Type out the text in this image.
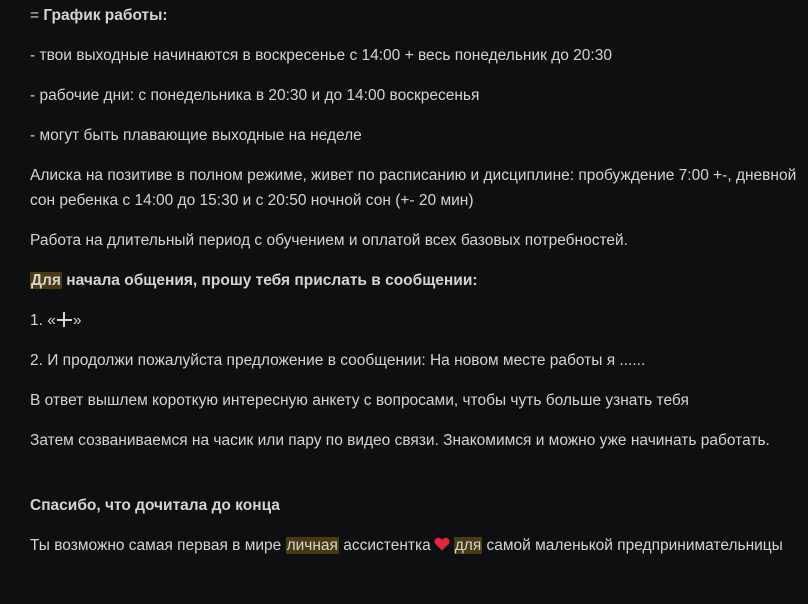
= График работы:

- твои выходные начинаются в воскресенье с 14:00 + весь понедельник до 20:30

- рабочие дни: с понедельника в 20:30 и до 14:00 воскресенья

- могут быть плавающие выходные на неделе

Алиска на позитиве в полном режиме, живет по расписанию и дисциплине: пробуждение 7:00 +-, дневной сон ребенка с 14:00 до 15:30 и с 20:50 ночной сон (+- 20 мин)

Работа на длительный период с обучением и оплатой всех базовых потребностей.

Для начала общения, прошу тебя прислать в сообщении:

1. « »

2. И продолжи пожалуйста предложение в сообщении: На новом месте работы я ......

В ответ вышлем короткую интересную анкету с вопросами, чтобы чуть больше узнать тебя

Затем созваниваемся на часик или пару по видео связи. Знакомимся и можно уже начинать работать.

Спасибо, что дочитала до конца

Ты возможно самая первая в мире личная ассистентка для самой маленькой предпринимательницы
